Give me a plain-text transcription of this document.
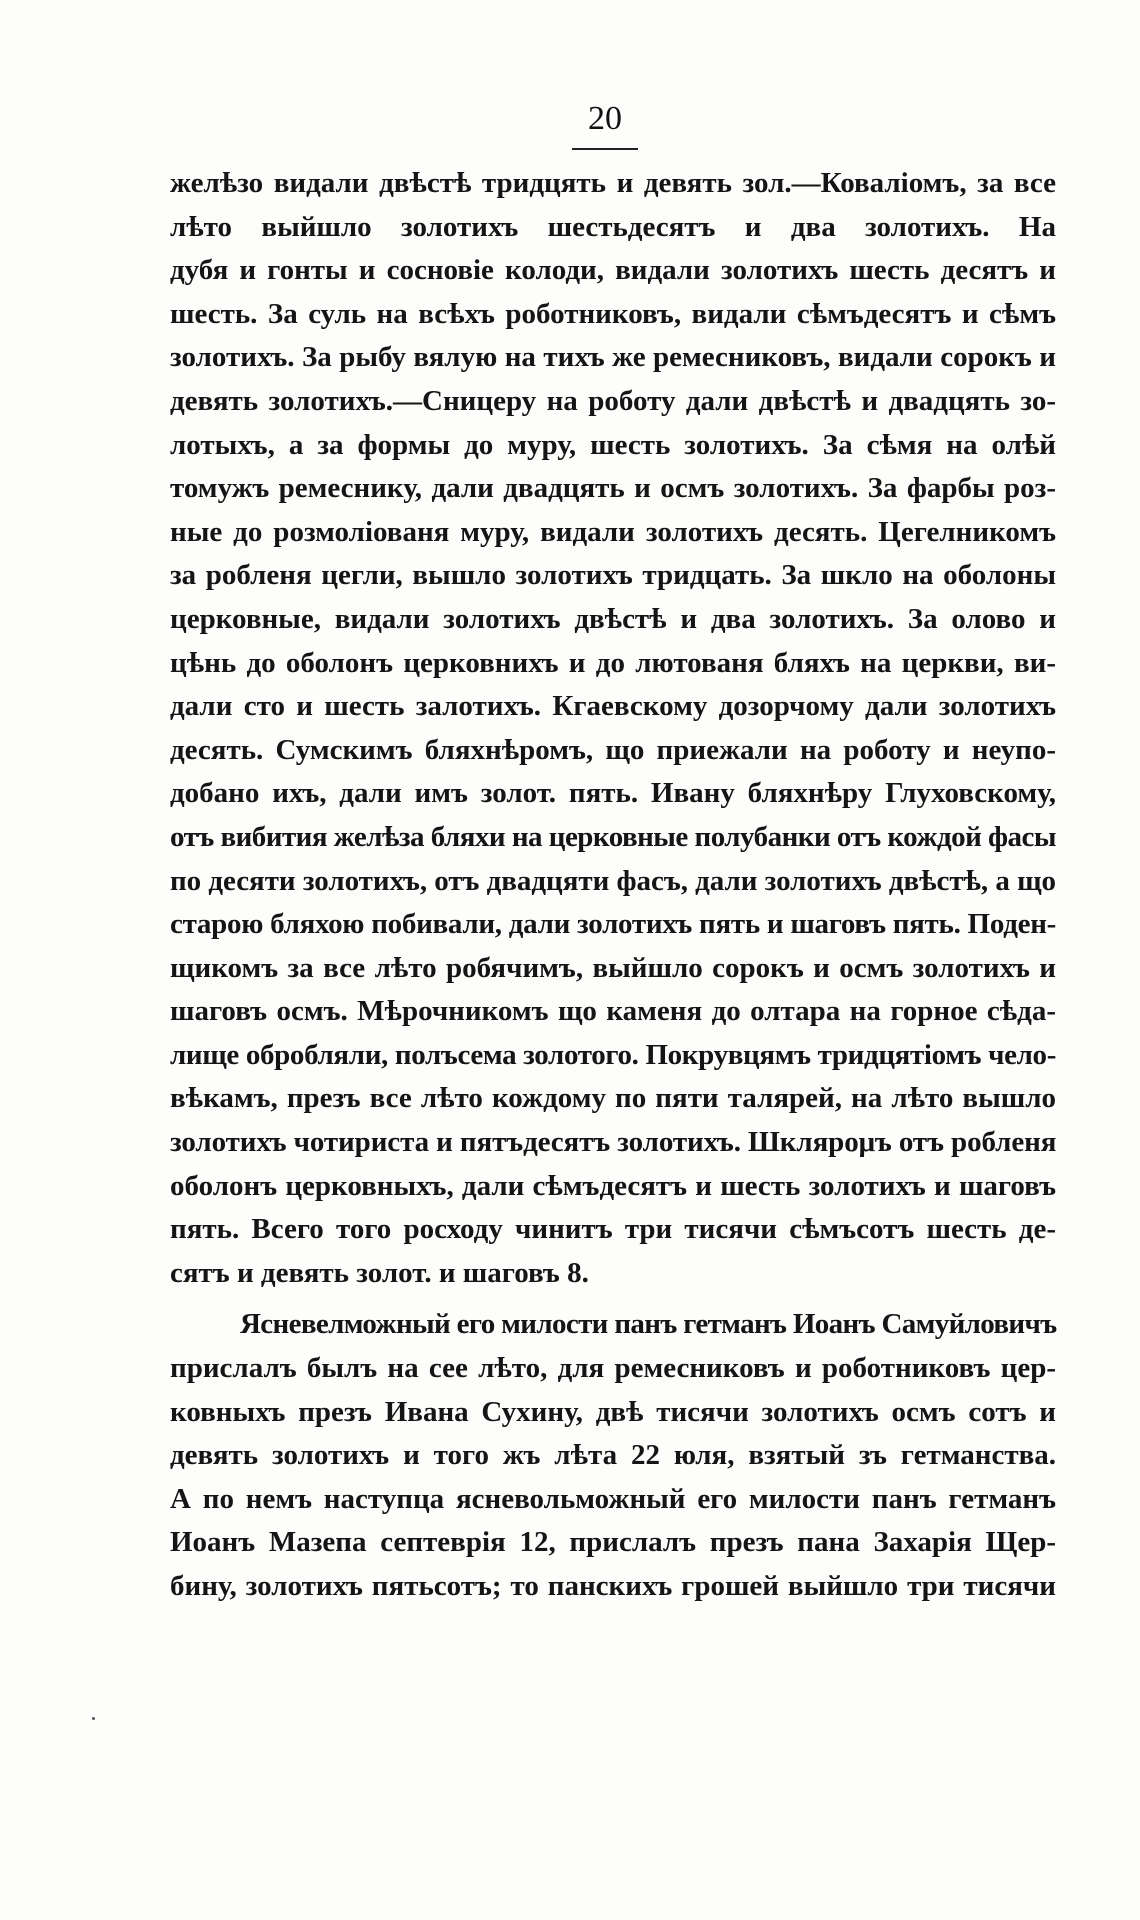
20
желѣзо видали двѣстѣ тридцять и девять зол.—Коваліомъ, за все
лѣто выйшло золотихъ шестьдесятъ и два золотихъ. На
дубя и гонты и сосновіе колоди, видали золотихъ шесть десятъ и
шесть. За суль на всѣхъ роботниковъ, видали сѣмъдесятъ и сѣмъ
золотихъ. За рыбу вялую на тихъ же ремесниковъ, видали сорокъ и
девять золотихъ.—Сницеру на роботу дали двѣстѣ и двадцять зо-
лотыхъ, а за формы до муру, шесть золотихъ. За сѣмя на олѣй
томужъ ремеснику, дали двадцять и осмъ золотихъ. За фарбы роз-
ные до розмолiованя муру, видали золотихъ десять. Цегелникомъ
за робленя цегли, вышло золотихъ тридцать. За шкло на оболоны
церковные, видали золотихъ двѣстѣ и два золотихъ. За олово и
цѣнь до оболонъ церковнихъ и до лютованя бляхъ на церкви, ви-
дали сто и шесть залотихъ. Кгаевскому дозорчому дали золотихъ
десять. Сумскимъ бляхнѣромъ, що приежали на роботу и неупо-
добано ихъ, дали имъ золот. пять. Ивану бляхнѣру Глуховскому,
отъ вибития желѣза бляхи на церковные полубанки отъ кождой фасы
по десяти золотихъ, отъ двадцяти фасъ, дали золотихъ двѣстѣ, а що
старою бляхою побивали, дали золотихъ пять и шаговъ пять. Поден-
щикомъ за все лѣто робячимъ, выйшло сорокъ и осмъ золотихъ и
шаговъ осмъ. Мѣрочникомъ що каменя до олтара на горное сѣда-
лище обробляли, полъсема золотого. Покрувцямъ тридцятіомъ чело-
вѣкамъ, презъ все лѣто кождому по пяти талярей, на лѣто вышло
золотихъ чотириста и пятъдесятъ золотихъ. Шклярομъ отъ робленя
оболонъ церковныхъ, дали сѣмъдесятъ и шесть золотихъ и шаговъ
пять. Всего того росходу чинитъ три тисячи сѣмъсотъ шесть де-
сятъ и девять золот. и шаговъ 8.
Ясневелможный его милости панъ гетманъ Иоанъ Самуйловичъ
прислалъ былъ на сее лѣто, для ремесниковъ и роботниковъ цер-
ковныхъ презъ Ивана Сухину, двѣ тисячи золотихъ осмъ сотъ и
девять золотихъ и того жъ лѣта 22 юля, взятый зъ гетманства.
А по немъ наступца ясневольможный его милости панъ гетманъ
Иоанъ Мазепа септеврія 12, прислалъ презъ пана Захарія Щер-
бину, золотихъ пятьсотъ; то панскихъ грошей выйшло три тисячи
